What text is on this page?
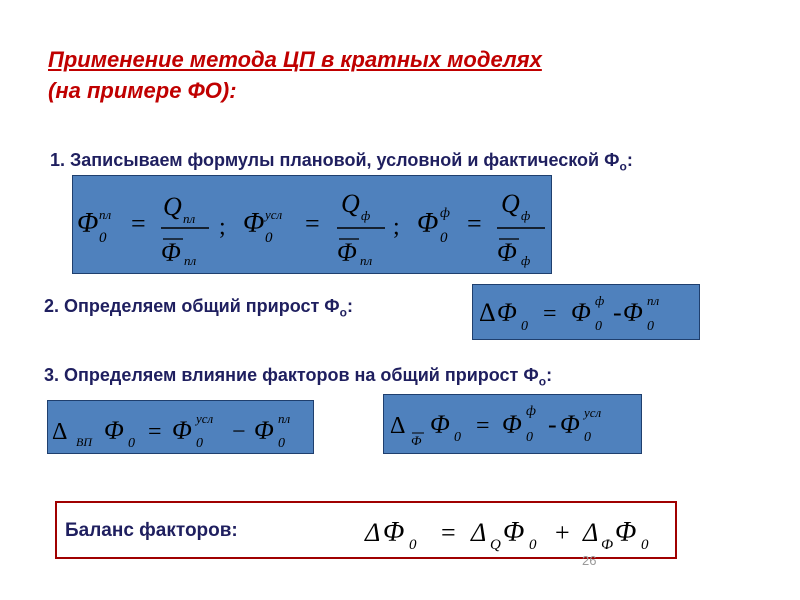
Применение метода ЦП в кратных моделях
(на примере ФО):
1. Записываем формулы плановой, условной и фактической $Ф_о$:
Φ пл
0 =
Q пл
Φ пл
; Φ усл
0 =
Q ф
Φ пл
; Φ ф
0 =
Q ф
Φ ф
2. Определяем общий прирост $Ф_о$:	Δ Φ 0 = Φ ф
0 - Φ пл
0
3. Определяем влияние факторов на общий прирост $Ф_о$:
Δ ВП Φ 0 = Φ усл
0 − Φ пл
0
Δ
Ф
Φ 0 = Φ ф
0 - Φ усл
0
Баланс факторов:	Δ Φ 0 = Δ Q Φ 0 + Δ Ф Φ 0
26
